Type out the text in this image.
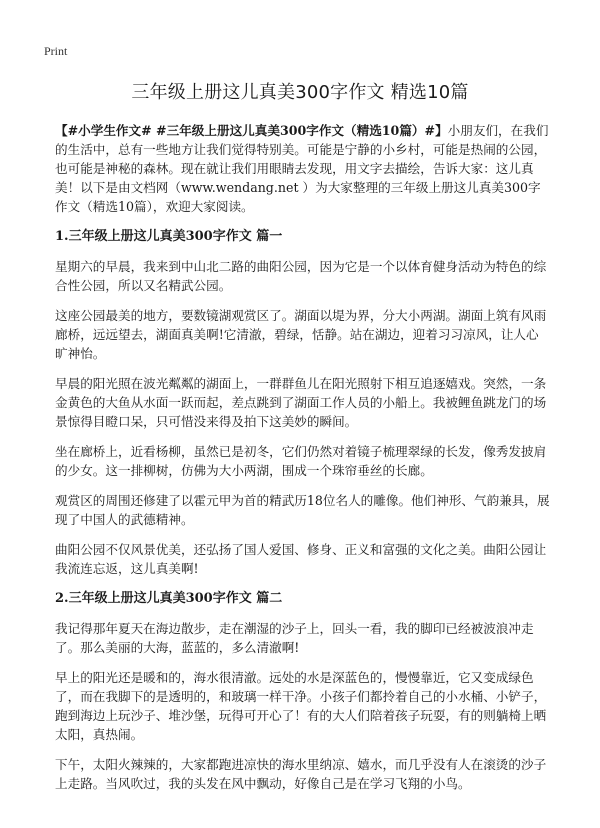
Print
三年级上册这儿真美300字作文 精选10篇

【#小学生作文# #三年级上册这儿真美300字作文（精选10篇）#】小朋友们，在我们的生活中，总有一些地方让我们觉得特别美。可能是宁静的小乡村，可能是热闹的公园，也可能是神秘的森林。现在就让我们用眼睛去发现，用文字去描绘，告诉大家：这儿真美！以下是由文档网（www.wendang.net ）为大家整理的三年级上册这儿真美300字作文（精选10篇），欢迎大家阅读。

1.三年级上册这儿真美300字作文 篇一

星期六的早晨，我来到中山北二路的曲阳公园，因为它是一个以体育健身活动为特色的综合性公园，所以又名精武公园。

这座公园最美的地方，要数镜湖观赏区了。湖面以堤为界，分大小两湖。湖面上筑有风雨廊桥，远远望去，湖面真美啊!它清澈，碧绿，恬静。站在湖边，迎着习习凉风，让人心旷神怡。

早晨的阳光照在波光粼粼的湖面上，一群群鱼儿在阳光照射下相互追逐嬉戏。突然，一条金黄色的大鱼从水面一跃而起，差点跳到了湖面工作人员的小船上。我被鲤鱼跳龙门的场景惊得目瞪口呆，只可惜没来得及拍下这美妙的瞬间。

坐在廊桥上，近看杨柳，虽然已是初冬，它们仍然对着镜子梳理翠绿的长发，像秀发披肩的少女。这一排柳树，仿佛为大小两湖，围成一个珠帘垂丝的长廊。

观赏区的周围还修建了以霍元甲为首的精武历18位名人的雕像。他们神形、气韵兼具，展现了中国人的武德精神。

曲阳公园不仅风景优美，还弘扬了国人爱国、修身、正义和富强的文化之美。曲阳公园让我流连忘返，这儿真美啊!

2.三年级上册这儿真美300字作文 篇二

我记得那年夏天在海边散步，走在潮湿的沙子上，回头一看，我的脚印已经被波浪冲走了。那么美丽的大海，蓝蓝的，多么清澈啊!

早上的阳光还是暖和的，海水很清澈。远处的水是深蓝色的，慢慢靠近，它又变成绿色了，而在我脚下的是透明的，和玻璃一样干净。小孩子们都拎着自己的小水桶、小铲子，跑到海边上玩沙子、堆沙堡，玩得可开心了！有的大人们陪着孩子玩耍，有的则躺椅上晒太阳，真热闹。

下午，太阳火辣辣的，大家都跑进凉快的海水里纳凉、嬉水，而几乎没有人在滚烫的沙子上走路。当风吹过，我的头发在风中飘动，好像自己是在学习飞翔的小鸟。
